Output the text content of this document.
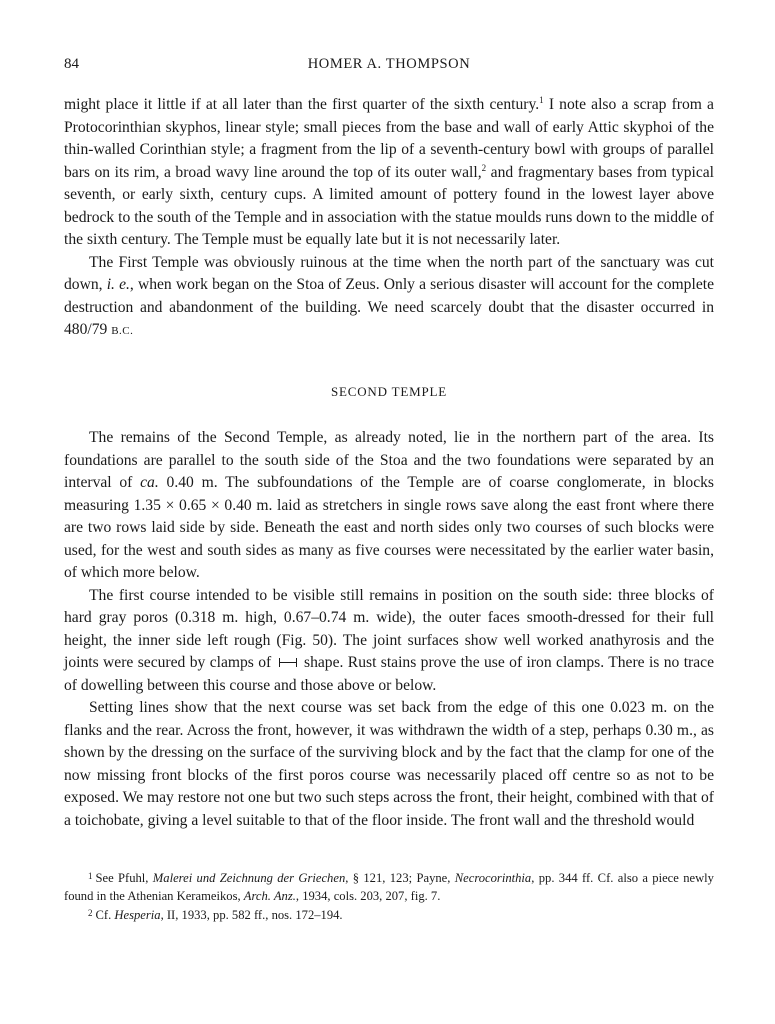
84	HOMER A. THOMPSON

might place it little if at all later than the first quarter of the sixth century.$^1$ I note also a scrap from a Protocorinthian skyphos, linear style; small pieces from the base and wall of early Attic skyphoi of the thin-walled Corinthian style; a fragment from the lip of a seventh-century bowl with groups of parallel bars on its rim, a broad wavy line around the top of its outer wall,$^2$ and fragmentary bases from typical seventh, or early sixth, century cups. A limited amount of pottery found in the lowest layer above bedrock to the south of the Temple and in association with the statue moulds runs down to the middle of the sixth century. The Temple must be equally late but it is not necessarily later.

The First Temple was obviously ruinous at the time when the north part of the sanctuary was cut down, i. e., when work began on the Stoa of Zeus. Only a serious disaster will account for the complete destruction and abandonment of the building. We need scarcely doubt that the disaster occurred in 480/79 B.C.

SECOND TEMPLE

The remains of the Second Temple, as already noted, lie in the northern part of the area. Its foundations are parallel to the south side of the Stoa and the two foundations were separated by an interval of ca. 0.40 m. The subfoundations of the Temple are of coarse conglomerate, in blocks measuring 1.35 × 0.65 × 0.40 m. laid as stretchers in single rows save along the east front where there are two rows laid side by side. Beneath the east and north sides only two courses of such blocks were used, for the west and south sides as many as five courses were necessitated by the earlier water basin, of which more below.

The first course intended to be visible still remains in position on the south side: three blocks of hard gray poros (0.318 m. high, 0.67–0.74 m. wide), the outer faces smooth-dressed for their full height, the inner side left rough (Fig. 50). The joint surfaces show well worked anathyrosis and the joints were secured by clamps of shape. Rust stains prove the use of iron clamps. There is no trace of dowelling between this course and those above or below.

Setting lines show that the next course was set back from the edge of this one 0.023 m. on the flanks and the rear. Across the front, however, it was withdrawn the width of a step, perhaps 0.30 m., as shown by the dressing on the surface of the surviving block and by the fact that the clamp for one of the now missing front blocks of the first poros course was necessarily placed off centre so as not to be exposed. We may restore not one but two such steps across the front, their height, combined with that of a toichobate, giving a level suitable to that of the floor inside. The front wall and the threshold would

$^1$ See Pfuhl, Malerei und Zeichnung der Griechen, § 121, 123; Payne, Necrocorinthia, pp. 344 ff. Cf. also a piece newly found in the Athenian Kerameikos, Arch. Anz., 1934, cols. 203, 207, fig. 7.

$^2$ Cf. Hesperia, II, 1933, pp. 582 ff., nos. 172–194.
